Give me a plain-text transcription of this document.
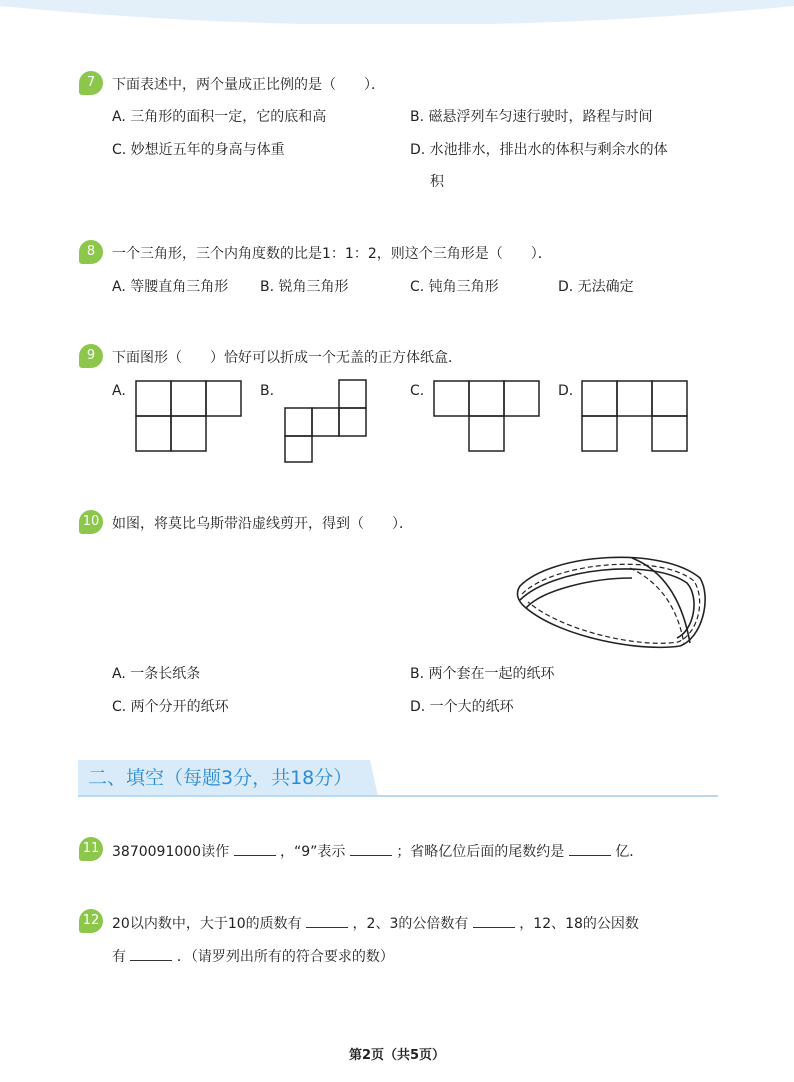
7	下面表述中，两个量成正比例的是（　　）．
A. 三角形的面积一定，它的底和高	B. 磁悬浮列车匀速行驶时，路程与时间
C. 妙想近五年的身高与体重	D. 水池排水，排出水的体积与剩余水的体
积
8	一个三角形，三个内角度数的比是1：1：2，则这个三角形是（　　）．
A. 等腰直角三角形 B. 锐角三角形	C. 钝角三角形	D. 无法确定
9	下面图形（　　）恰好可以折成一个无盖的正方体纸盒．
A.	B.	C.	D.
10 如图，将莫比乌斯带沿虚线剪开，得到（　　）．
A. 一条长纸条	B. 两个套在一起的纸环
C. 两个分开的纸环	D. 一个大的纸环
二、填空（每题3分，共18分）
11 3870091000读作	，“9”表示	；省略亿位后面的尾数约是	亿．
12 20以内数中，大于10的质数有	，2、3的公倍数有	，12、18的公因数
有	．（请罗列出所有的符合要求的数）
第2页（共5页）
